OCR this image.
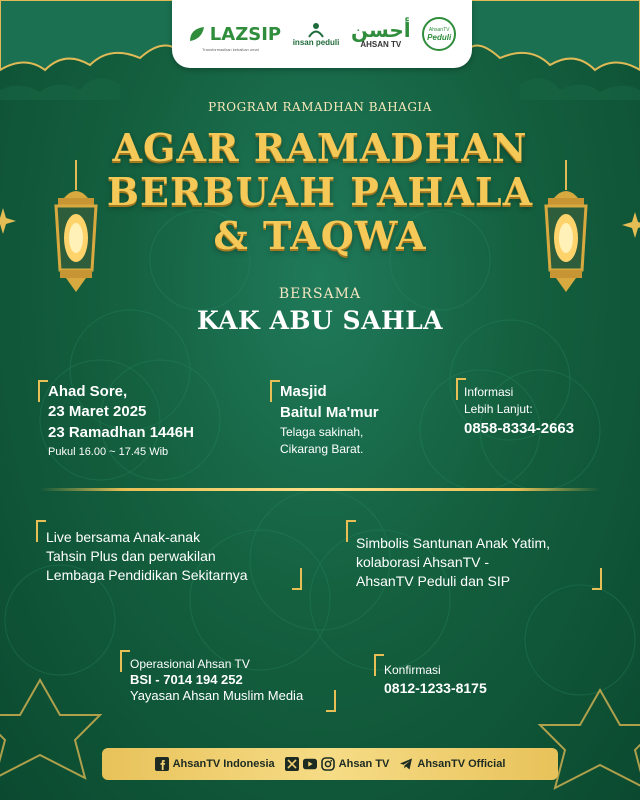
LAZSIP
Transformasikan kebaikan umat
insan peduli
أحسن
AHSAN TV
AhsanTV
Peduli
PROGRAM RAMADHAN BAHAGIA
AGAR RAMADHAN
BERBUAH PAHALA
& TAQWA
BERSAMA
KAK ABU SAHLA
Ahad Sore,
23 Maret 2025
23 Ramadhan 1446H
Pukul 16.00 ~ 17.45 Wib
Masjid
Baitul Ma'mur
Telaga sakinah,
Cikarang Barat.
Informasi
Lebih Lanjut:
0858-8334-2663
Live bersama Anak-anak
Tahsin Plus dan perwakilan
Lembaga Pendidikan Sekitarnya
Simbolis Santunan Anak Yatim,
kolaborasi AhsanTV -
AhsanTV Peduli dan SIP
Operasional Ahsan TV
BSI - 7014 194 252
Yayasan Ahsan Muslim Media
Konfirmasi
0812-1233-8175
AhsanTV Indonesia	Ahsan TV	AhsanTV Official
